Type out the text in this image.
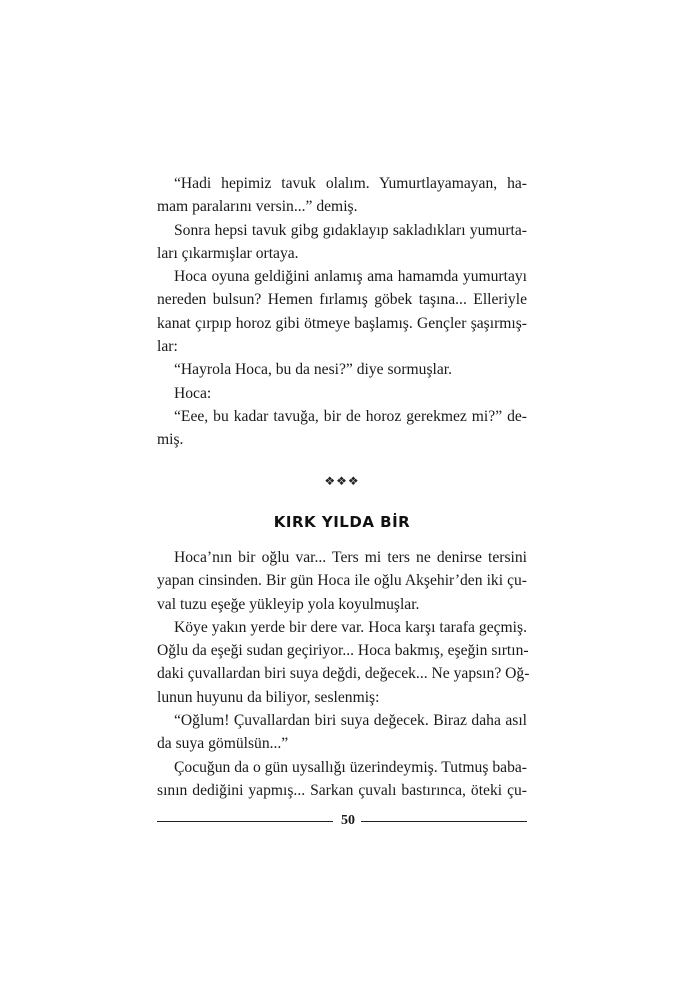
“Hadi hepimiz tavuk olalım. Yumurtlayamayan, ha-
mam paralarını versin...” demiş.
Sonra hepsi tavuk gibg gıdaklayıp sakladıkları yumurta-
ları çıkarmışlar ortaya.
Hoca oyuna geldiğini anlamış ama hamamda yumurtayı
nereden bulsun? Hemen fırlamış göbek taşına... Elleriyle
kanat çırpıp horoz gibi ötmeye başlamış. Gençler şaşırmış-
lar:
“Hayrola Hoca, bu da nesi?” diye sormuşlar.
Hoca:
“Eee, bu kadar tavuğa, bir de horoz gerekmez mi?” de-
miş.
❖❖❖
KIRK YILDA BİR
Hoca’nın bir oğlu var... Ters mi ters ne denirse tersini
yapan cinsinden. Bir gün Hoca ile oğlu Akşehir’den iki çu-
val tuzu eşeğe yükleyip yola koyulmuşlar.
Köye yakın yerde bir dere var. Hoca karşı tarafa geçmiş.
Oğlu da eşeği sudan geçiriyor... Hoca bakmış, eşeğin sırtın-
daki çuvallardan biri suya değdi, değecek... Ne yapsın? Oğ-
lunun huyunu da biliyor, seslenmiş:
“Oğlum! Çuvallardan biri suya değecek. Biraz daha asıl
da suya gömülsün...”
Çocuğun da o gün uysallığı üzerindeymiş. Tutmuş baba-
sının dediğini yapmış... Sarkan çuvalı bastırınca, öteki çu-
50
